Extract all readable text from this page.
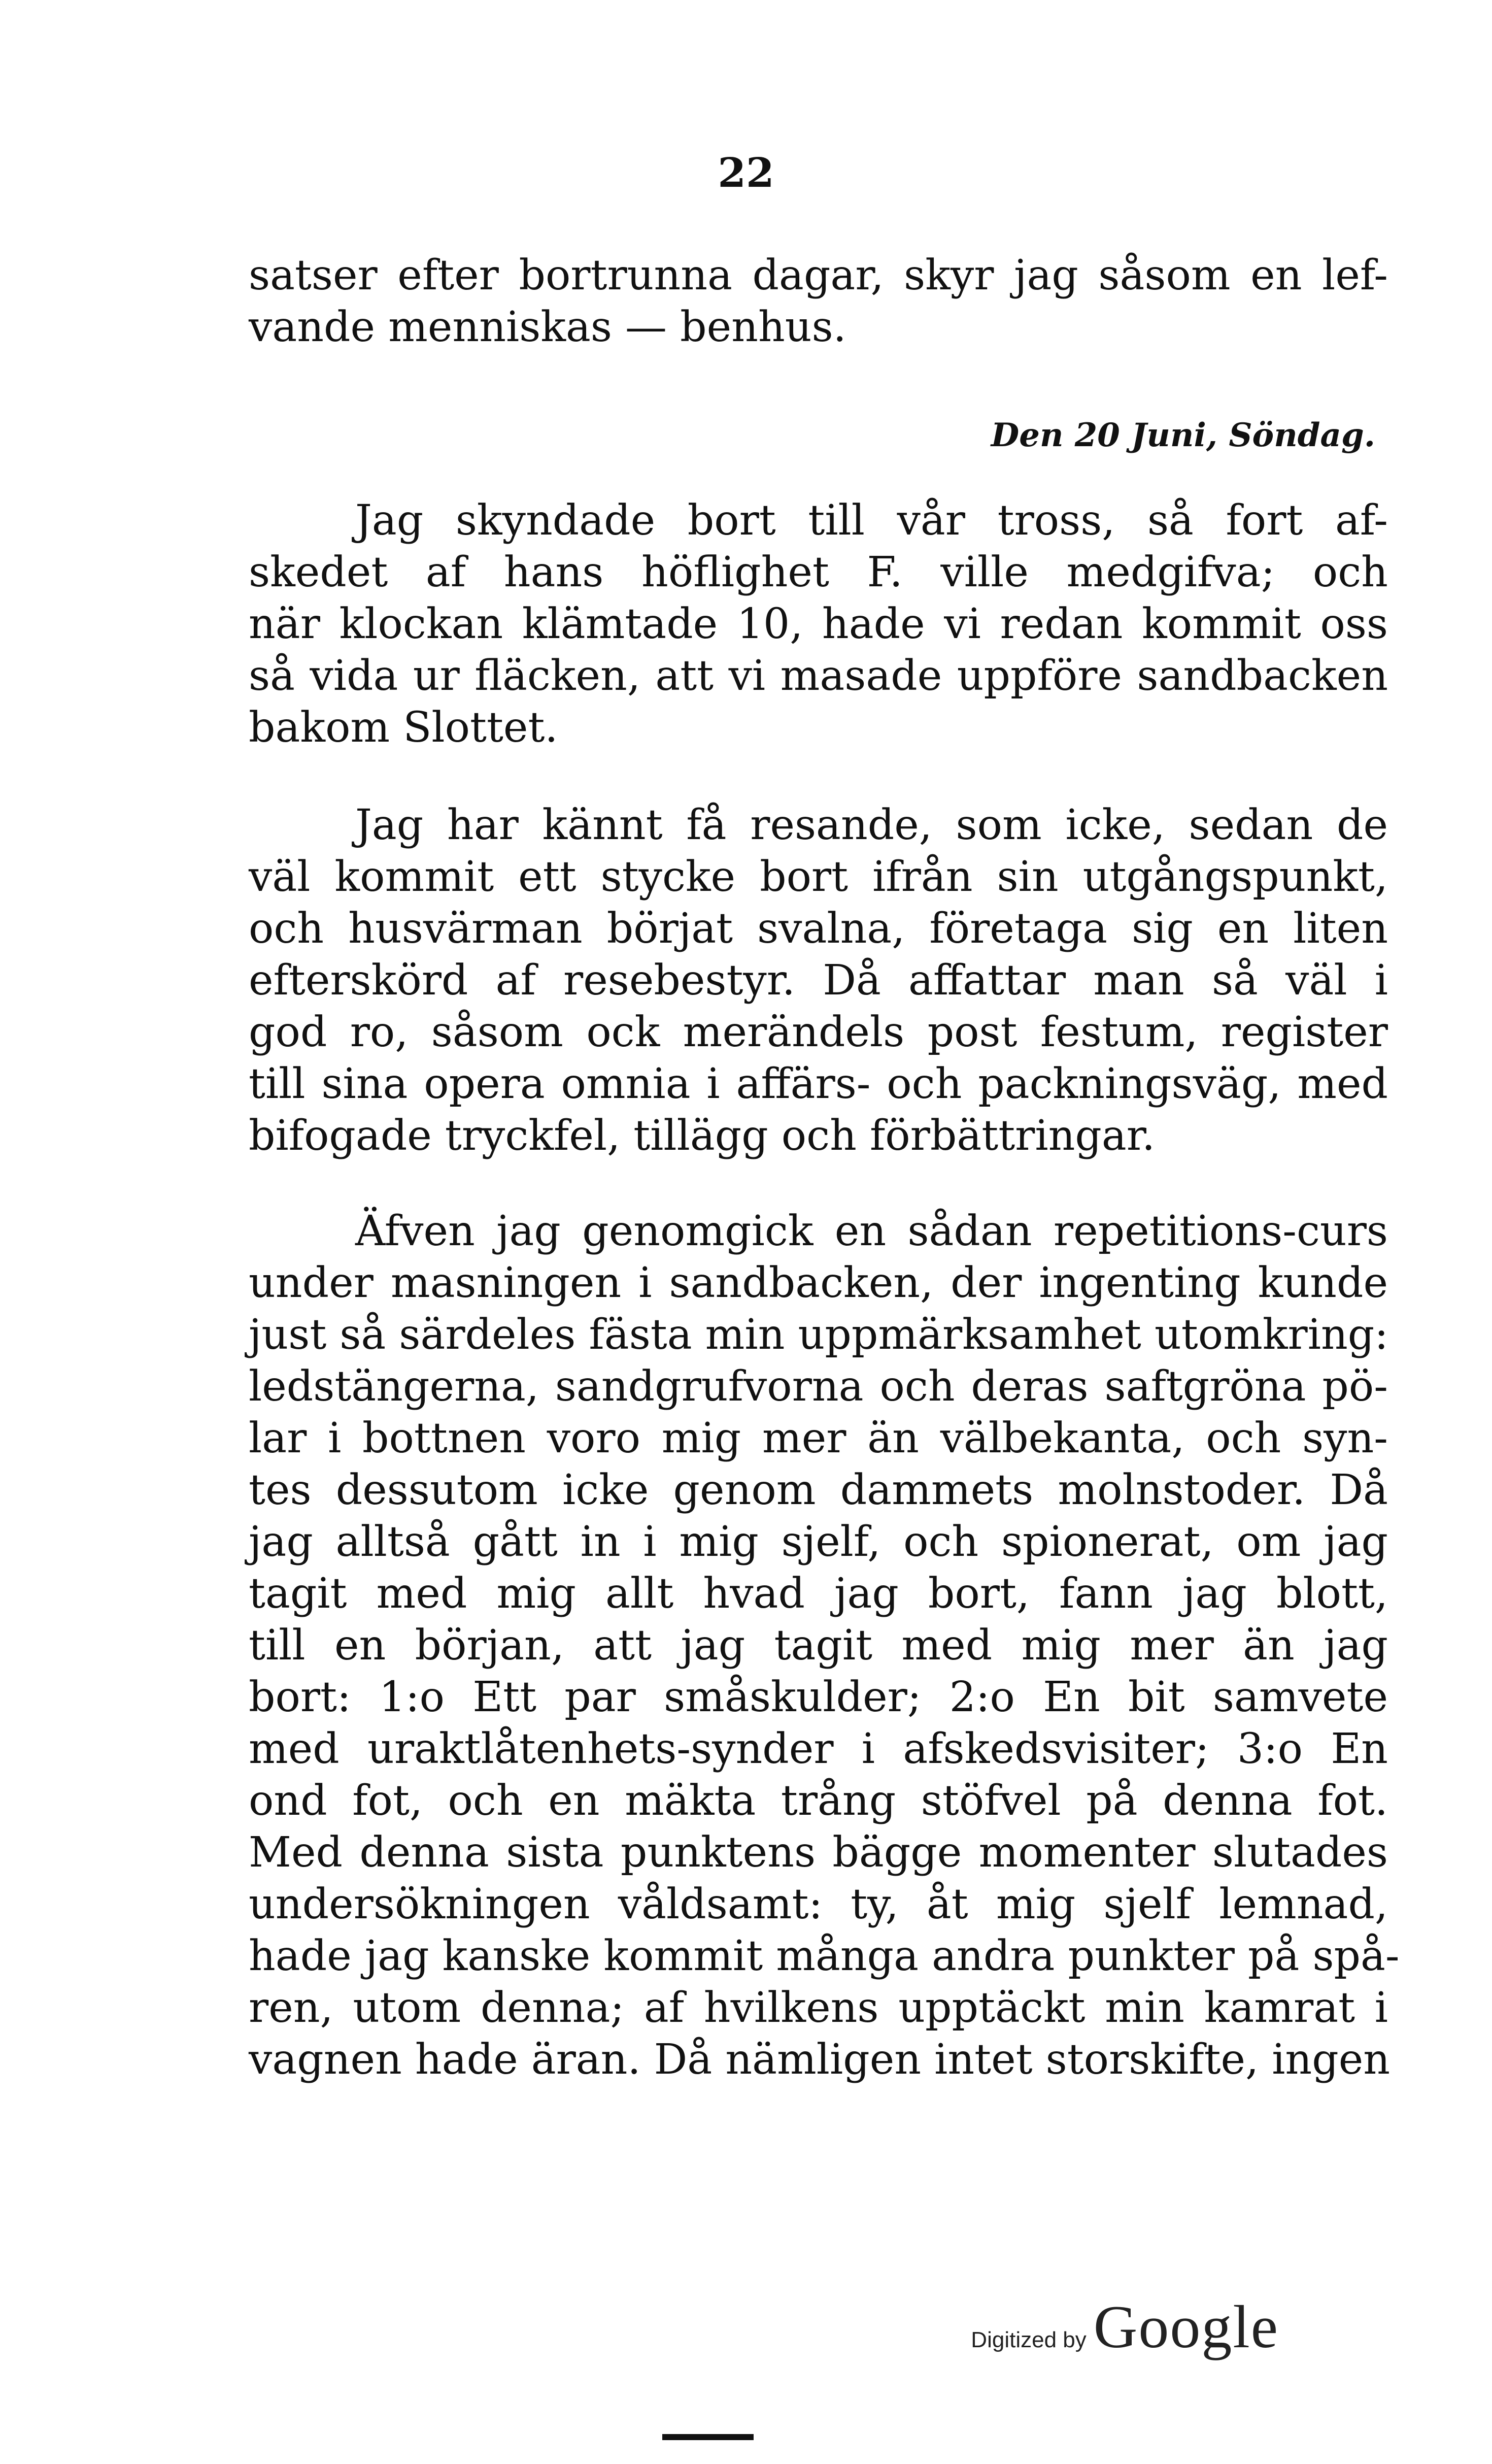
22
satser efter bortrunna dagar, skyr jag såsom en lef-
vande menniskas — benhus.
Den 20 Juni, Söndag.
Jag skyndade bort till vår tross, så fort af-
skedet af hans höflighet F. ville medgifva; och
när klockan klämtade 10, hade vi redan kommit oss
så vida ur fläcken, att vi masade uppföre sandbacken
bakom Slottet.
Jag har kännt få resande, som icke, sedan de
väl kommit ett stycke bort ifrån sin utgångspunkt,
och husvärman börjat svalna, företaga sig en liten
efterskörd af resebestyr. Då affattar man så väl i
god ro, såsom ock merändels post festum, register
till sina opera omnia i affärs- och packningsväg, med
bifogade tryckfel, tillägg och förbättringar.
Äfven jag genomgick en sådan repetitions-curs
under masningen i sandbacken, der ingenting kunde
just så särdeles fästa min uppmärksamhet utomkring:
ledstängerna, sandgrufvorna och deras saftgröna pö-
lar i bottnen voro mig mer än välbekanta, och syn-
tes dessutom icke genom dammets molnstoder. Då
jag alltså gått in i mig sjelf, och spionerat, om jag
tagit med mig allt hvad jag bort, fann jag blott,
till en början, att jag tagit med mig mer än jag
bort: 1:o Ett par småskulder; 2:o En bit samvete
med uraktlåtenhets-synder i afskedsvisiter; 3:o En
ond fot, och en mäkta trång stöfvel på denna fot.
Med denna sista punktens bägge momenter slutades
undersökningen våldsamt: ty, åt mig sjelf lemnad,
hade jag kanske kommit många andra punkter på spå-
ren, utom denna; af hvilkens upptäckt min kamrat i
vagnen hade äran. Då nämligen intet storskifte, ingen
Digitized by Google
